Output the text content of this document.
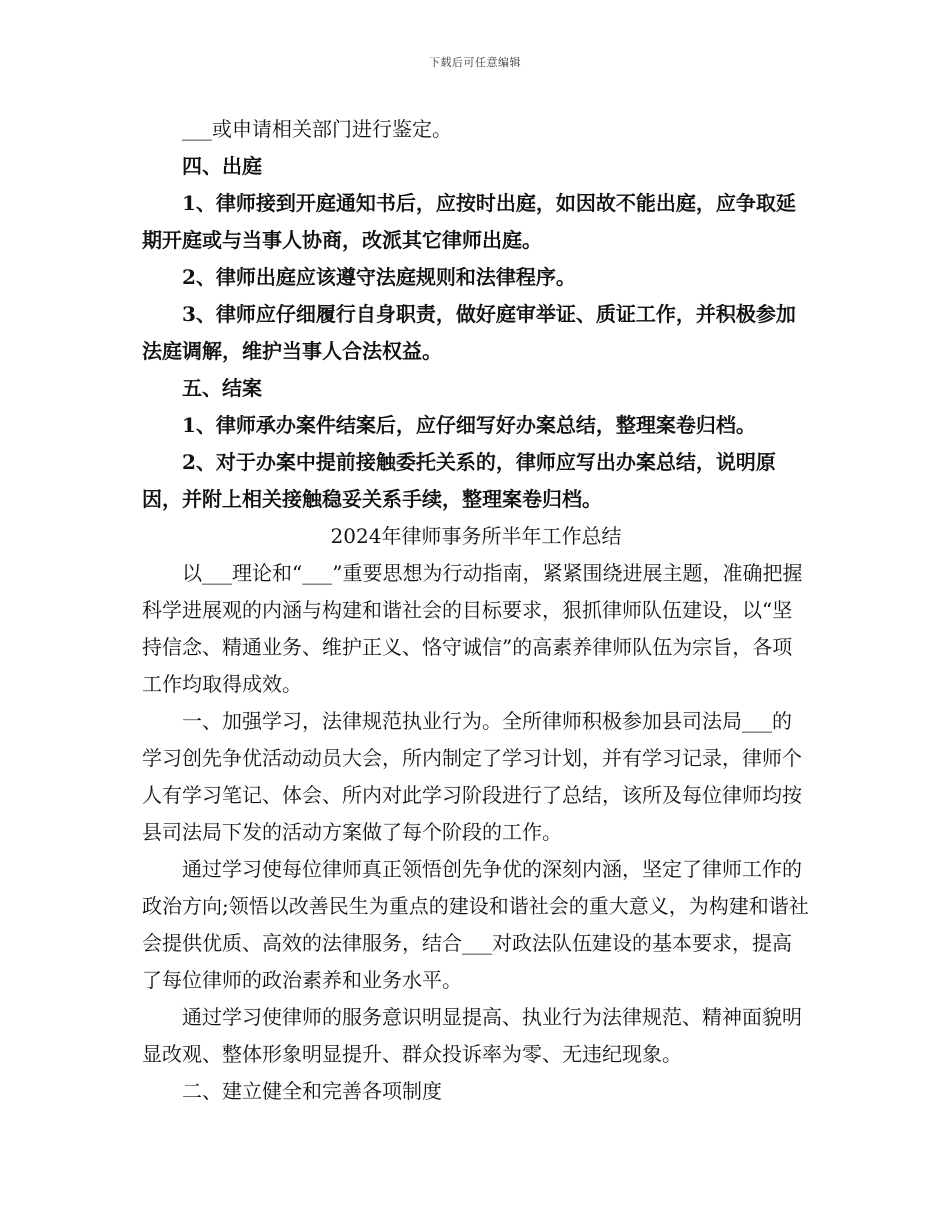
下载后可任意编辑

___或申请相关部门进行鉴定。

四、出庭

1、律师接到开庭通知书后，应按时出庭，如因故不能出庭，应争取延期开庭或与当事人协商，改派其它律师出庭。

2、律师出庭应该遵守法庭规则和法律程序。

3、律师应仔细履行自身职责，做好庭审举证、质证工作，并积极参加法庭调解，维护当事人合法权益。

五、结案

1、律师承办案件结案后，应仔细写好办案总结，整理案卷归档。

2、对于办案中提前接触委托关系的，律师应写出办案总结，说明原因，并附上相关接触稳妥关系手续，整理案卷归档。

2024年律师事务所半年工作总结

以___理论和“___”重要思想为行动指南，紧紧围绕进展主题，准确把握科学进展观的内涵与构建和谐社会的目标要求，狠抓律师队伍建设，以“坚持信念、精通业务、维护正义、恪守诚信”的高素养律师队伍为宗旨，各项工作均取得成效。

一、加强学习，法律规范执业行为。全所律师积极参加县司法局___的学习创先争优活动动员大会，所内制定了学习计划，并有学习记录，律师个人有学习笔记、体会、所内对此学习阶段进行了总结，该所及每位律师均按县司法局下发的活动方案做了每个阶段的工作。

通过学习使每位律师真正领悟创先争优的深刻内涵，坚定了律师工作的政治方向;领悟以改善民生为重点的建设和谐社会的重大意义，为构建和谐社会提供优质、高效的法律服务，结合___对政法队伍建设的基本要求，提高了每位律师的政治素养和业务水平。

通过学习使律师的服务意识明显提高、执业行为法律规范、精神面貌明显改观、整体形象明显提升、群众投诉率为零、无违纪现象。

二、建立健全和完善各项制度
